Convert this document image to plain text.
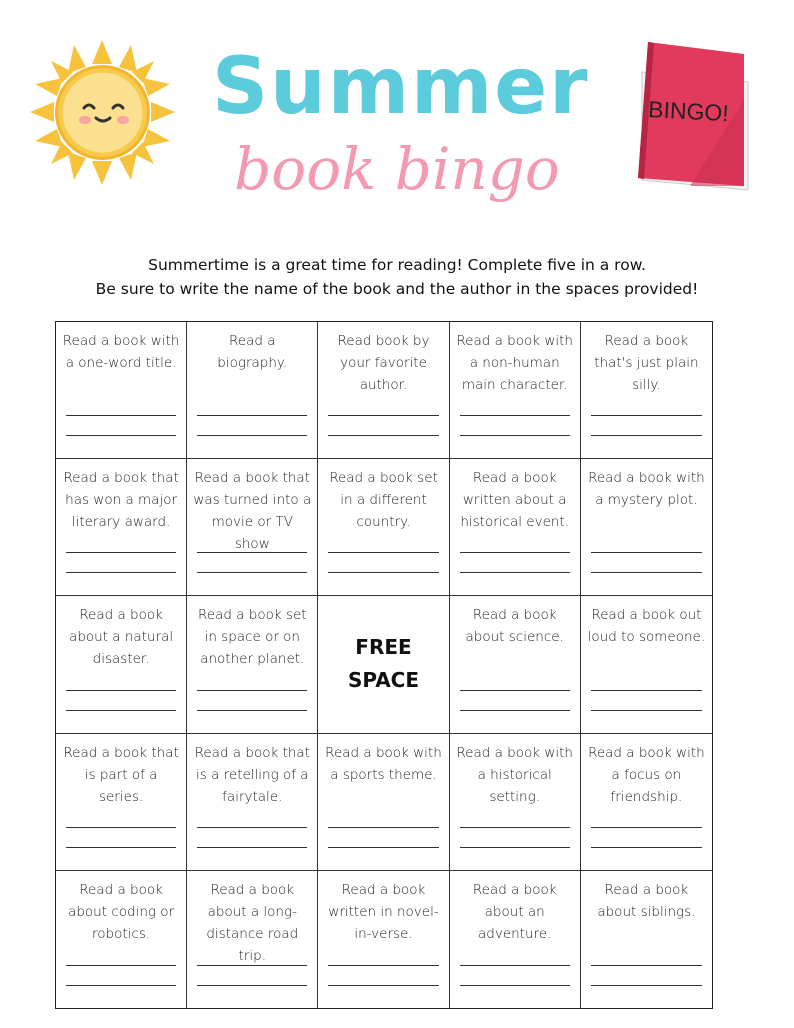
Summer
book bingo
BINGO!
Summertime is a great time for reading! Complete five in a row.
Be sure to write the name of the book and the author in the spaces provided!
Read a book with a one-word title.
Read a biography.
Read book by your favorite author.
Read a book with a non-human main character.
Read a book that's just plain silly.
Read a book that has won a major literary award.
Read a book that was turned into a movie or TV show
Read a book set in a different country.
Read a book written about a historical event.
Read a book with a mystery plot.
Read a book about a natural disaster.
Read a book set in space or on another planet.	FREE
SPACE
Read a book about science.
Read a book out loud to someone.
Read a book that is part of a series.
Read a book that is a retelling of a fairytale.
Read a book with a sports theme.
Read a book with a historical setting.
Read a book with a focus on friendship.
Read a book about coding or robotics.
Read a book about a long-distance road trip.
Read a book written in novel-in-verse.
Read a book about an adventure.
Read a book about siblings.
